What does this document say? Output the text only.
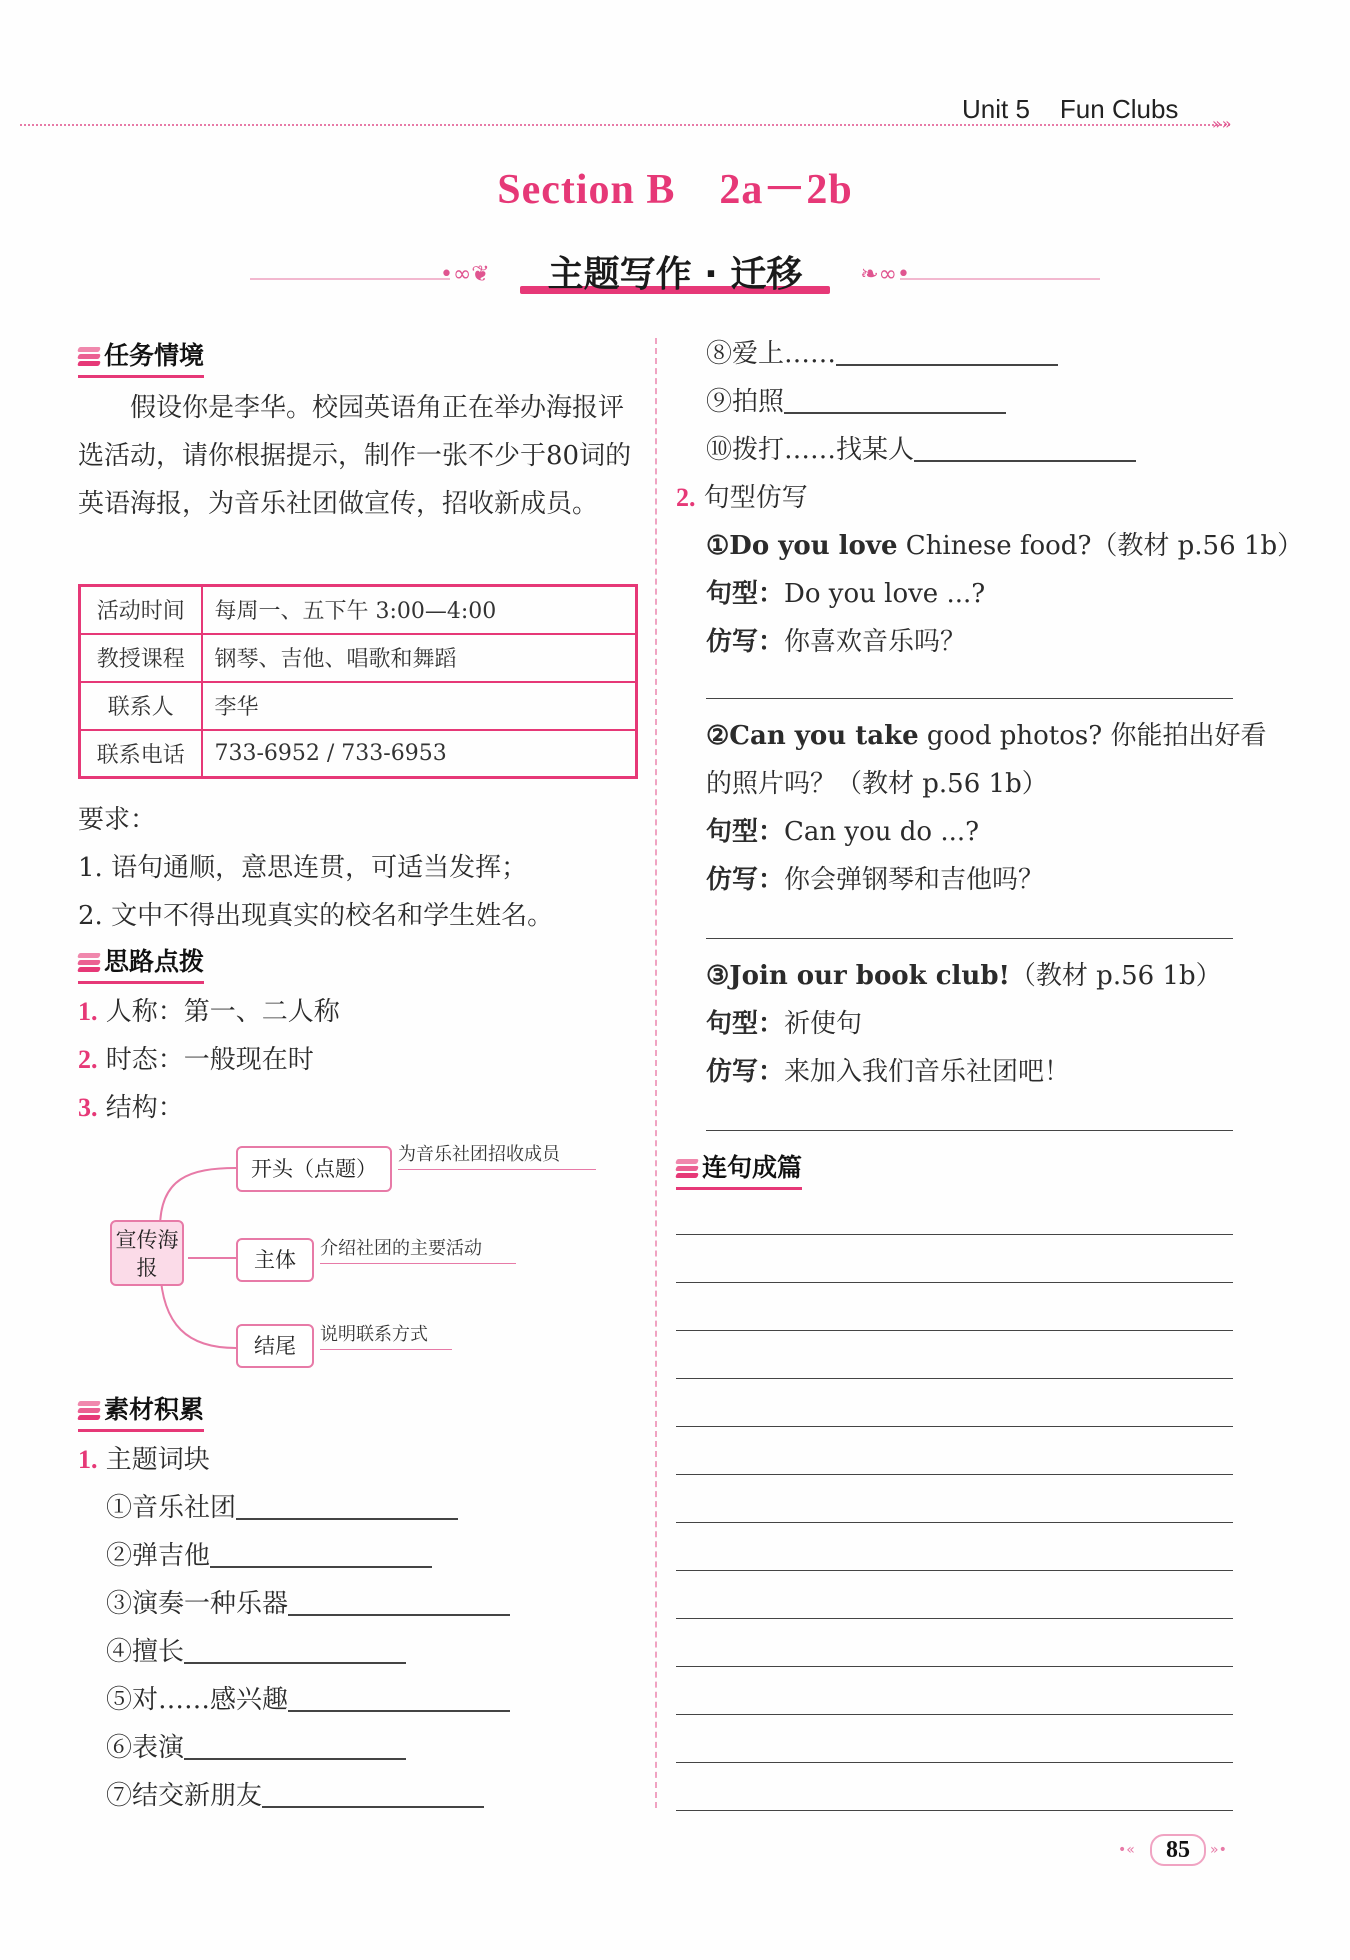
Unit 5 Fun Clubs »»
Section B 2a－2b
•∞❦	主题写作 · 迁移	❧∞•
任务情境
假设你是李华。校园英语角正在举办海报评选活动，请你根据提示，制作一张不少于80词的英语海报，为音乐社团做宣传，招收新成员。
活动时间	每周一、五下午 3:00—4:00
教授课程	钢琴、吉他、唱歌和舞蹈
联系人	李华
联系电话	733-6952 / 733-6953
要求：
1. 语句通顺，意思连贯，可适当发挥；
2. 文中不得出现真实的校名和学生姓名。
思路点拨
1. 人称：第一、二人称
2. 时态：一般现在时
3. 结构：
宣传海报
开头（点题）
为音乐社团招收成员
主体	介绍社团的主要活动
结尾	说明联系方式
素材积累
1. 主题词块
①音乐社团
②弹吉他
③演奏一种乐器
④擅长
⑤对……感兴趣
⑥表演
⑦结交新朋友
⑧爱上……
⑨拍照
⑩拨打……找某人
2. 句型仿写
①Do you love Chinese food?（教材 p.56 1b）
句型：Do you love ...?
仿写：你喜欢音乐吗？
②Can you take good photos? 你能拍出好看
的照片吗？（教材 p.56 1b）
句型：Can you do ...?
仿写：你会弹钢琴和吉他吗？
③Join our book club!（教材 p.56 1b）
句型：祈使句
仿写：来加入我们音乐社团吧！
连句成篇
•«	85	»•
